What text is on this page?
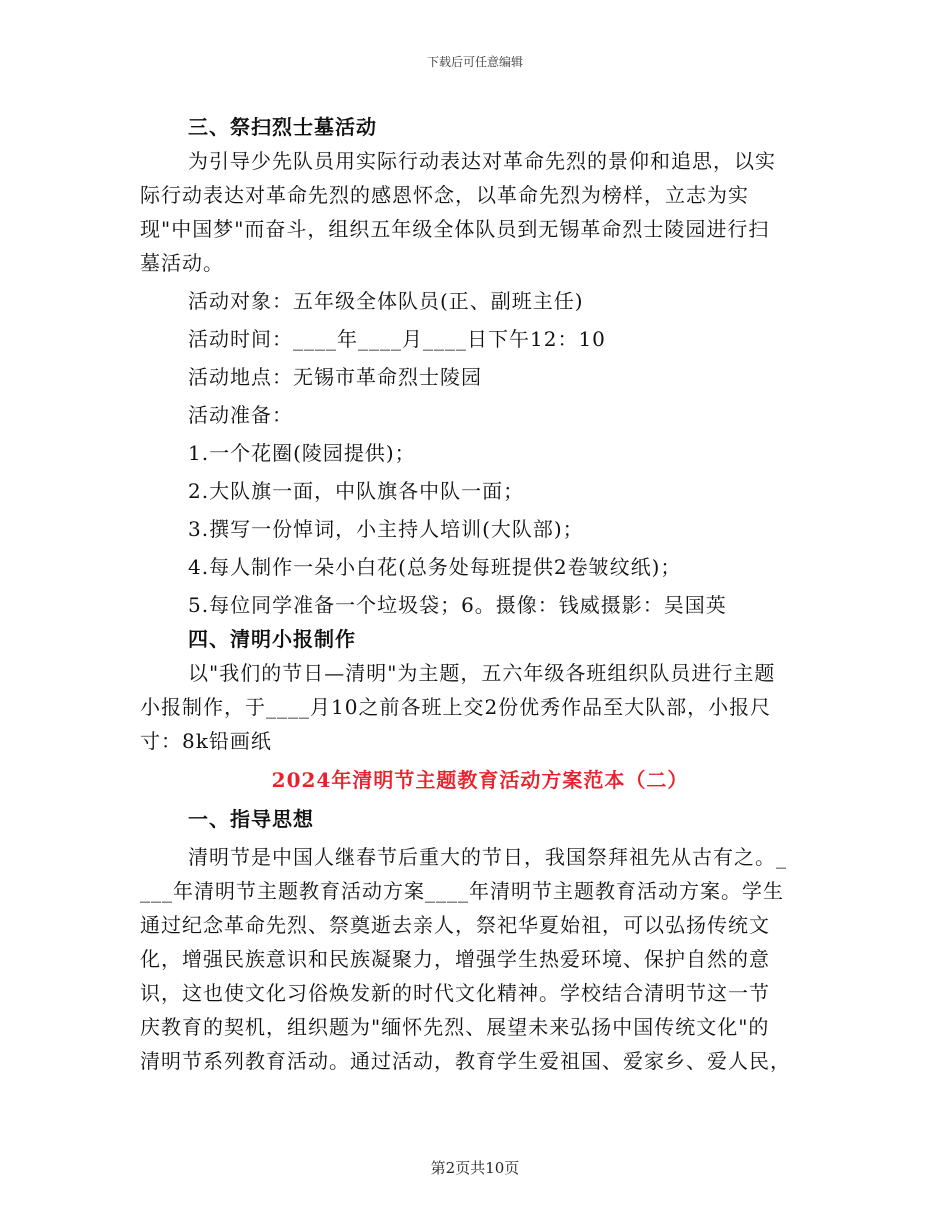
下载后可任意编辑

三、祭扫烈士墓活动

为引导少先队员用实际行动表达对革命先烈的景仰和追思，以实

际行动表达对革命先烈的感恩怀念，以革命先烈为榜样，立志为实

现"中国梦"而奋斗，组织五年级全体队员到无锡革命烈士陵园进行扫

墓活动。

活动对象：五年级全体队员(正、副班主任)

活动时间：____年____月____日下午12：10

活动地点：无锡市革命烈士陵园

活动准备：

1.一个花圈(陵园提供)；

2.大队旗一面，中队旗各中队一面；

3.撰写一份悼词，小主持人培训(大队部)；

4.每人制作一朵小白花(总务处每班提供2卷皱纹纸)；

5.每位同学准备一个垃圾袋；6。摄像：钱威摄影：吴国英

四、清明小报制作

以"我们的节日—清明"为主题，五六年级各班组织队员进行主题

小报制作，于____月10之前各班上交2份优秀作品至大队部，小报尺

寸：8k铅画纸

2024年清明节主题教育活动方案范本（二）

一、指导思想

清明节是中国人继春节后重大的节日，我国祭拜祖先从古有之。_

___年清明节主题教育活动方案____年清明节主题教育活动方案。学生

通过纪念革命先烈、祭奠逝去亲人，祭祀华夏始祖，可以弘扬传统文

化，增强民族意识和民族凝聚力，增强学生热爱环境、保护自然的意

识，这也使文化习俗焕发新的时代文化精神。学校结合清明节这一节

庆教育的契机，组织题为"缅怀先烈、展望未来弘扬中国传统文化"的

清明节系列教育活动。通过活动，教育学生爱祖国、爱家乡、爱人民，

第2页共10页
